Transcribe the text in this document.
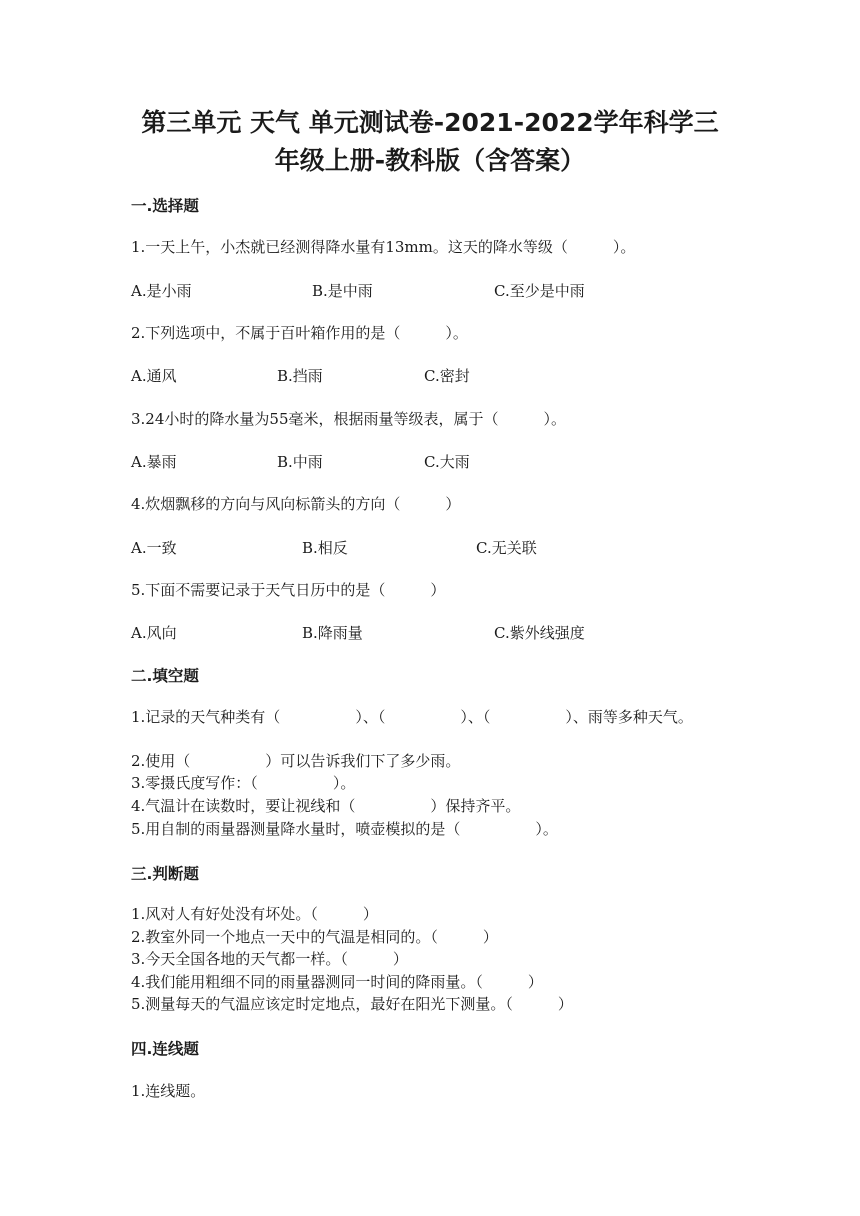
第三单元 天气 单元测试卷-2021-2022学年科学三
年级上册-教科版（含答案）
一.选择题
1.一天上午，小杰就已经测得降水量有13mm。这天的降水等级（　　　）。
A.是小雨	B.是中雨	C.至少是中雨
2.下列选项中，不属于百叶箱作用的是（　　　）。
A.通风	B.挡雨	C.密封
3.24小时的降水量为55毫米，根据雨量等级表，属于（　　　）。
A.暴雨	B.中雨	C.大雨
4.炊烟飘移的方向与风向标箭头的方向（　　　）
A.一致	B.相反	C.无关联
5.下面不需要记录于天气日历中的是（　　　）
A.风向	B.降雨量	C.紫外线强度
二.填空题
1.记录的天气种类有（　　　　　）、（　　　　　）、（　　　　　）、雨等多种天气。
2.使用（　　　　　）可以告诉我们下了多少雨。
3.零摄氏度写作：（　　　　　）。
4.气温计在读数时，要让视线和（　　　　　）保持齐平。
5.用自制的雨量器测量降水量时，喷壶模拟的是（　　　　　）。
三.判断题
1.风对人有好处没有坏处。（　　　）
2.教室外同一个地点一天中的气温是相同的。（　　　）
3.今天全国各地的天气都一样。（　　　）
4.我们能用粗细不同的雨量器测同一时间的降雨量。（　　　）
5.测量每天的气温应该定时定地点，最好在阳光下测量。（　　　）
四.连线题
1.连线题。
